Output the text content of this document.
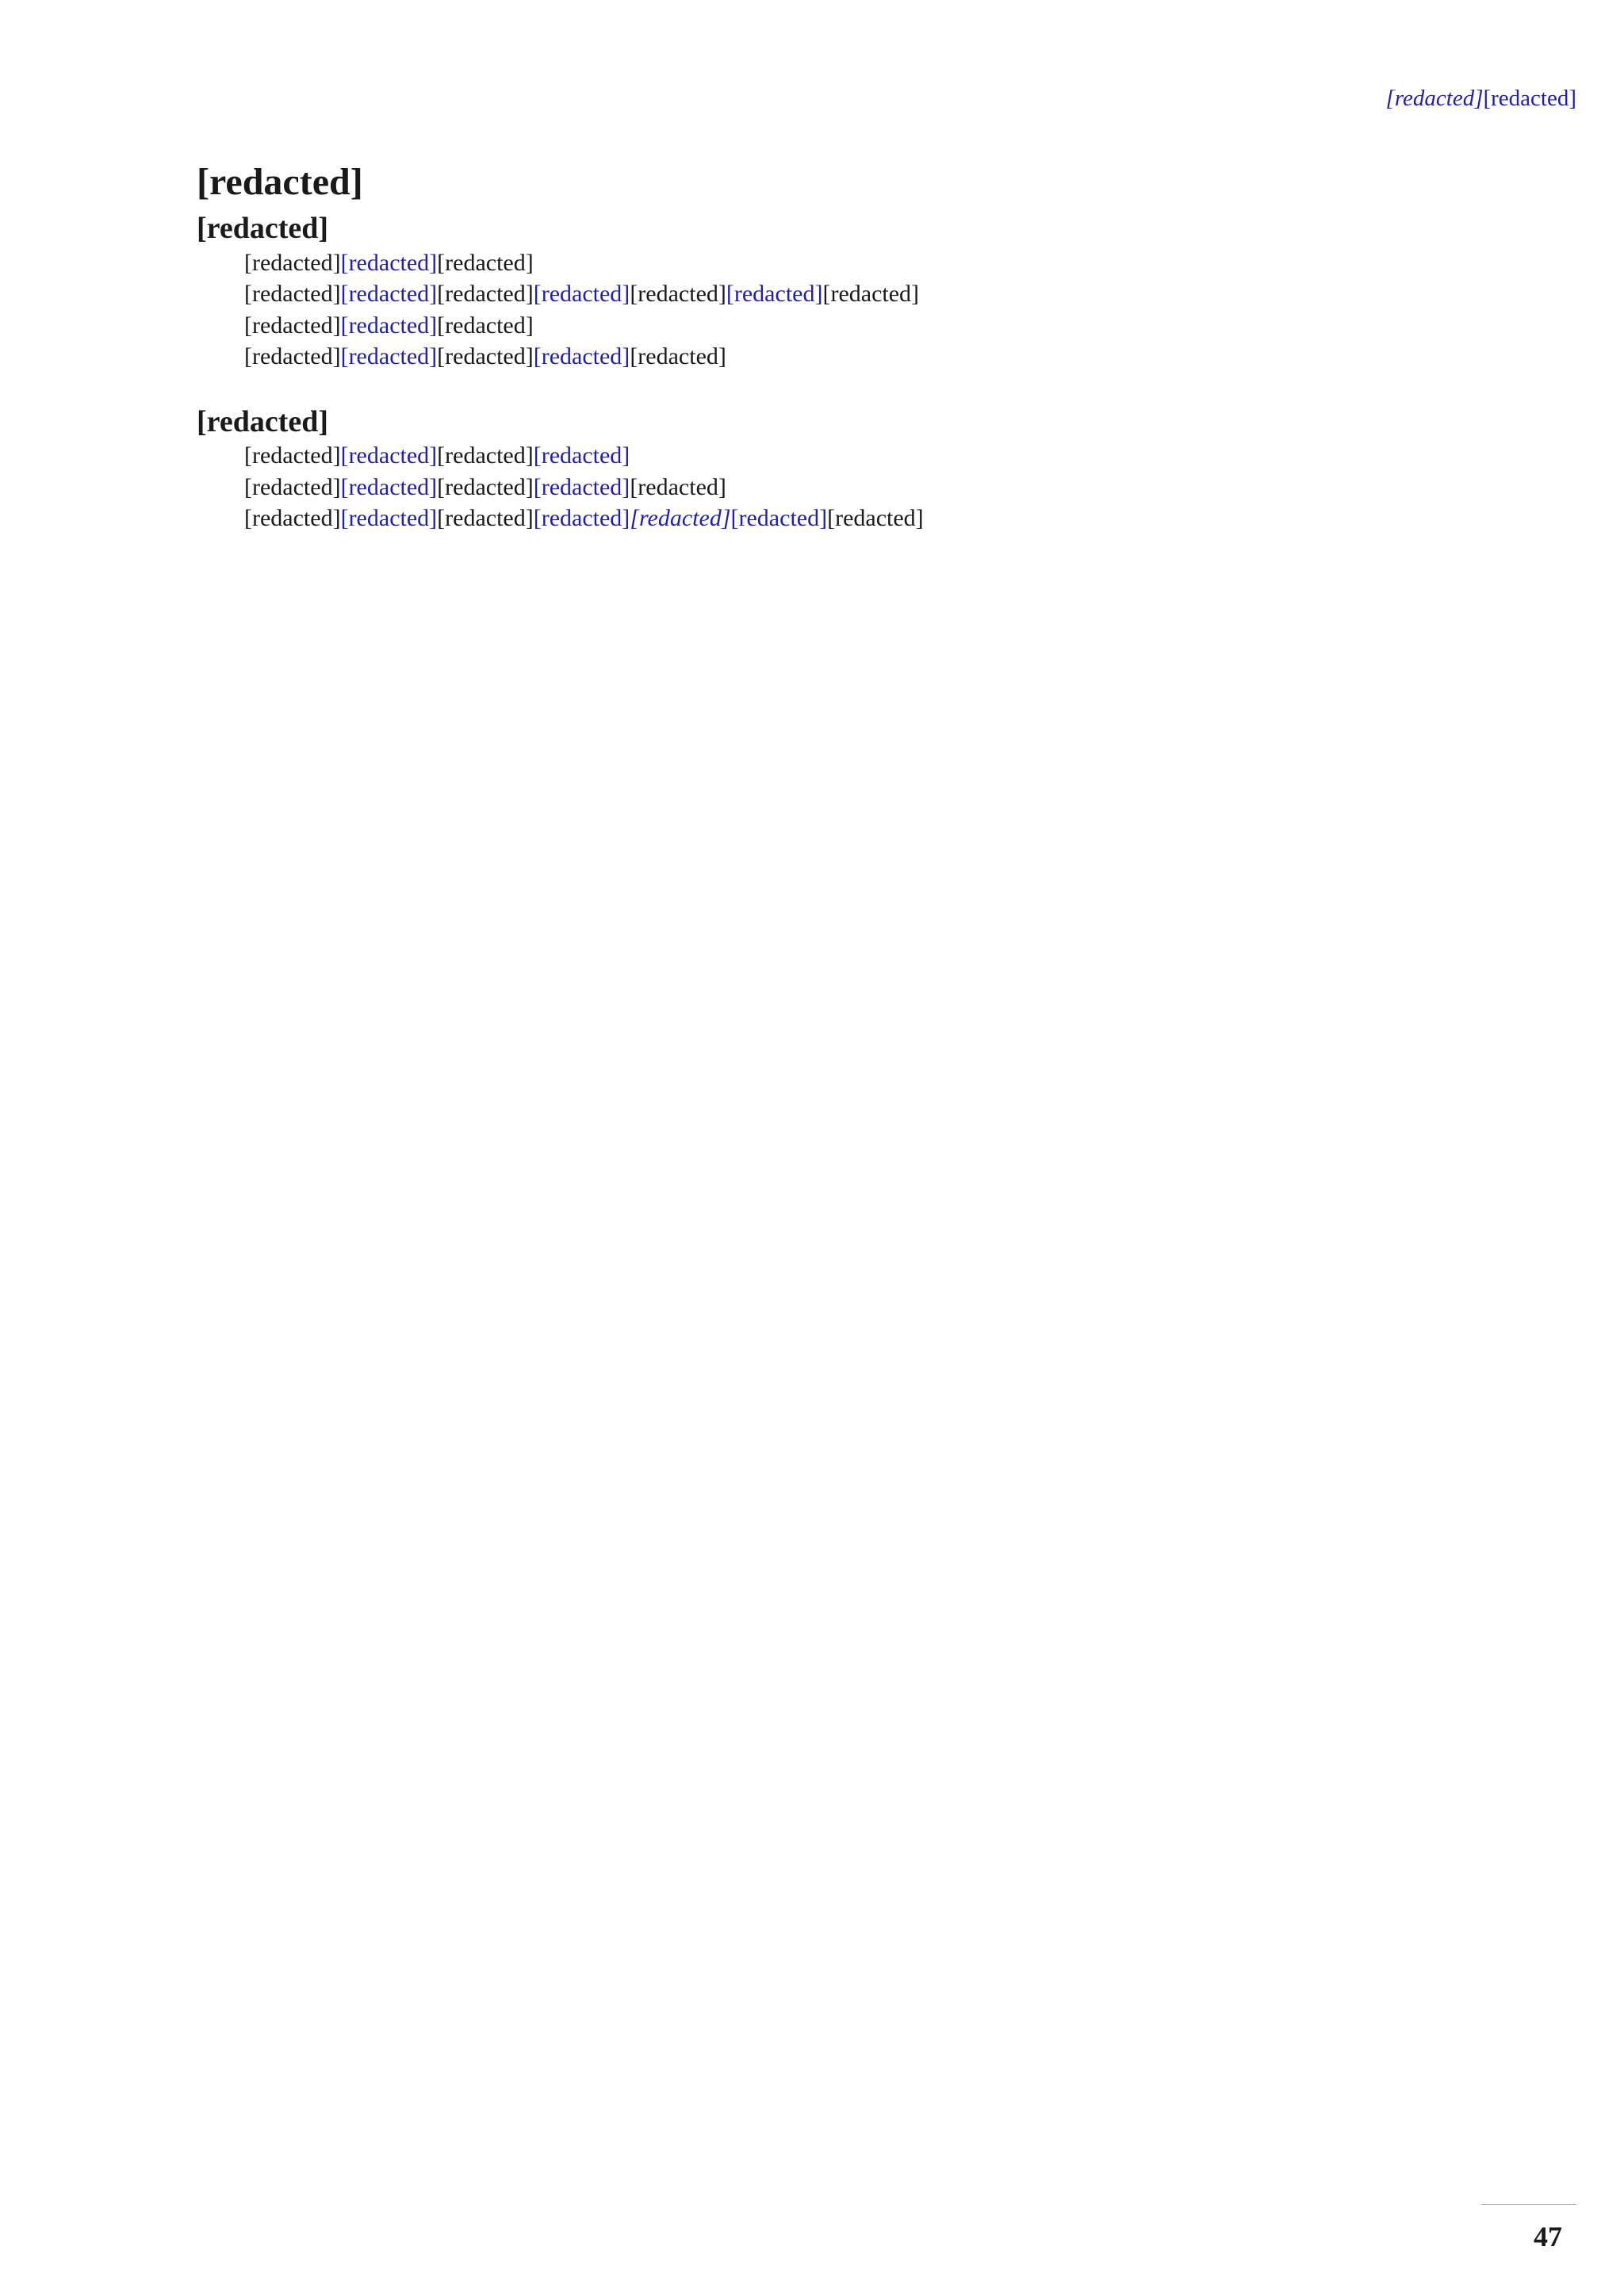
[redacted][redacted]
[redacted]
[redacted]

[redacted][redacted][redacted]

[redacted][redacted][redacted][redacted][redacted][redacted][redacted]

[redacted][redacted][redacted]

[redacted][redacted][redacted][redacted][redacted]

[redacted]

[redacted][redacted][redacted][redacted]

[redacted][redacted][redacted][redacted][redacted]

[redacted][redacted][redacted][redacted][redacted][redacted][redacted]

47
